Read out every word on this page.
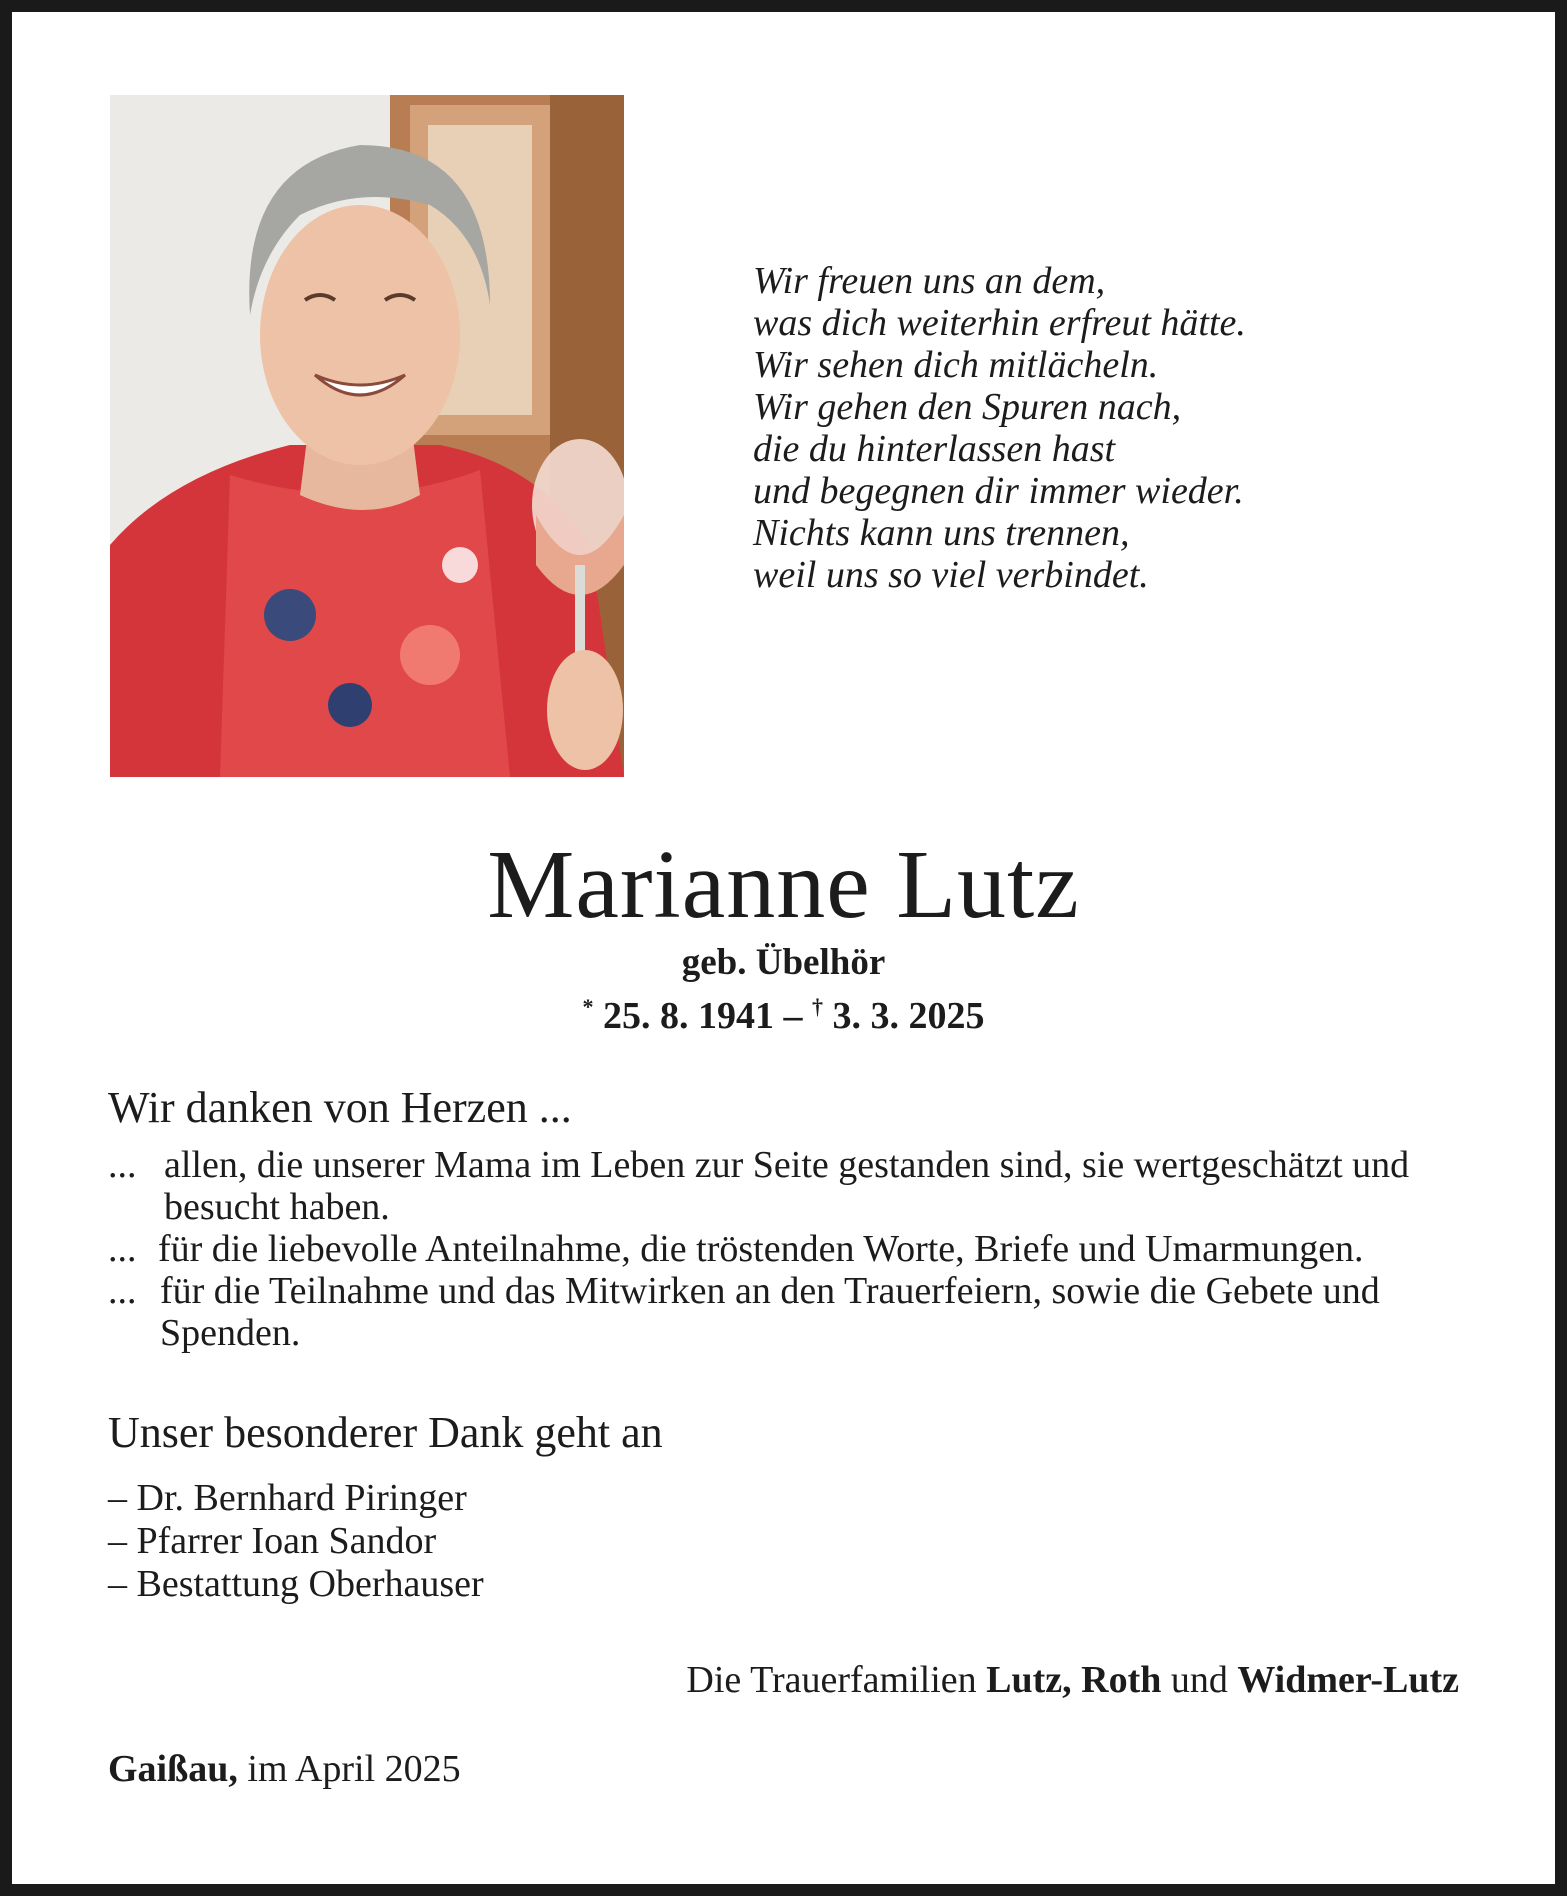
Wir freuen uns an dem,
was dich weiterhin erfreut hätte.
Wir sehen dich mitlächeln.
Wir gehen den Spuren nach,
die du hinterlassen hast
und begegnen dir immer wieder.
Nichts kann uns trennen,
weil uns so viel verbindet.
Marianne Lutz
geb. Übelhör
* 25. 8. 1941 – † 3. 3. 2025
Wir danken von Herzen ...
... allen, die unserer Mama im Leben zur Seite gestanden sind, sie wertgeschätzt und besucht haben.
... für die liebevolle Anteilnahme, die tröstenden Worte, Briefe und Umarmungen.
... für die Teilnahme und das Mitwirken an den Trauerfeiern, sowie die Gebete und Spenden.
Unser besonderer Dank geht an
– Dr. Bernhard Piringer
– Pfarrer Ioan Sandor
– Bestattung Oberhauser
Die Trauerfamilien Lutz, Roth und Widmer-Lutz
Gaißau, im April 2025
